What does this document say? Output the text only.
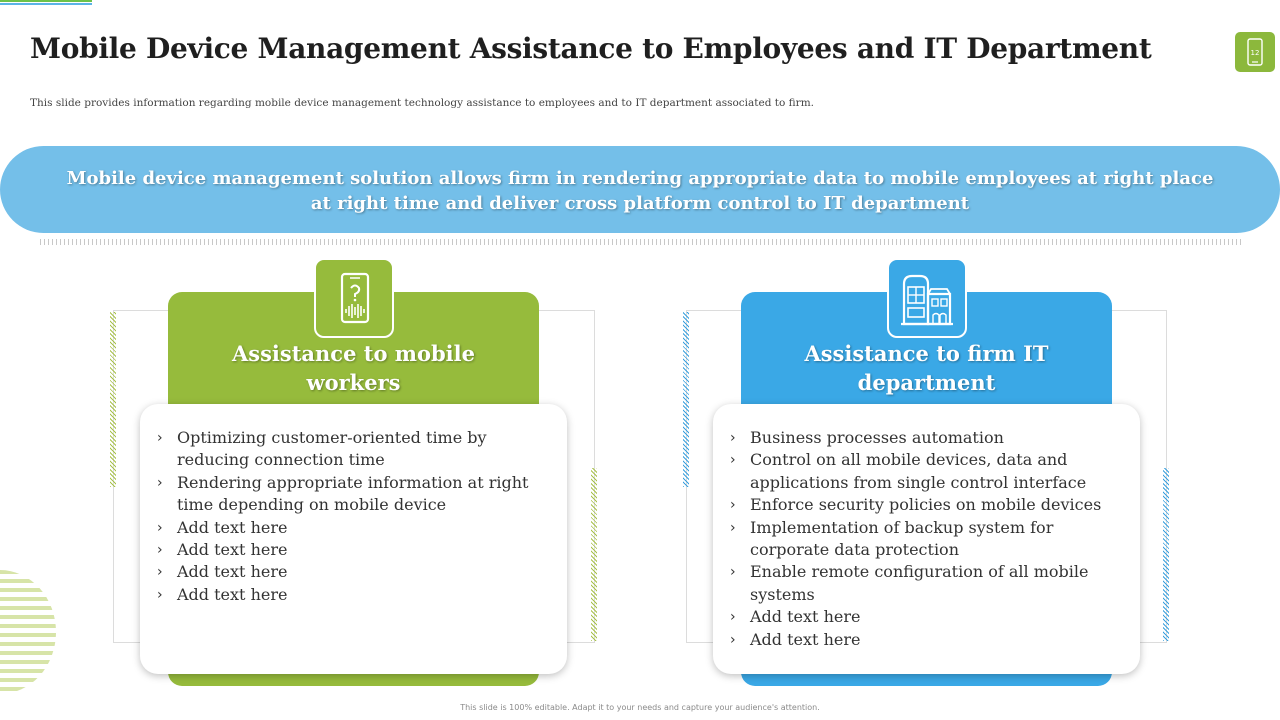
Mobile Device Management Assistance to Employees and IT Department

This slide provides information regarding mobile device management technology assistance to employees and to IT department associated to firm.

12
Mobile device management solution allows firm in rendering appropriate data to mobile employees at right place
at right time and deliver cross platform control to IT department
Assistance to mobile
workers
› Optimizing customer-oriented time by reducing connection time
› Rendering appropriate information at right time depending on mobile device
› Add text here
› Add text here
› Add text here
› Add text here
Assistance to firm IT
department
› Business processes automation
› Control on all mobile devices, data and applications from single control interface
› Enforce security policies on mobile devices
› Implementation of backup system for corporate data protection
› Enable remote configuration of all mobile systems
› Add text here
› Add text here
This slide is 100% editable. Adapt it to your needs and capture your audience's attention.
